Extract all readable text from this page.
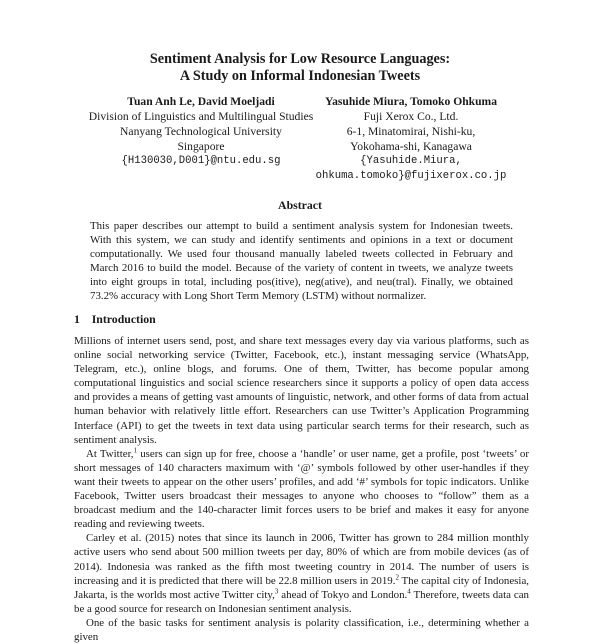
Sentiment Analysis for Low Resource Languages:
A Study on Informal Indonesian Tweets
Tuan Anh Le, David Moeljadi
Division of Linguistics and Multilingual Studies
Nanyang Technological University
Singapore
{H130030,D001}@ntu.edu.sg
Yasuhide Miura, Tomoko Ohkuma
Fuji Xerox Co., Ltd.
6-1, Minatomirai, Nishi-ku,
Yokohama-shi, Kanagawa
{Yasuhide.Miura,
ohkuma.tomoko}@fujixerox.co.jp
Abstract
This paper describes our attempt to build a sentiment analysis system for Indonesian tweets. With this system, we can study and identify sentiments and opinions in a text or document computationally. We used four thousand manually labeled tweets collected in February and March 2016 to build the model. Because of the variety of content in tweets, we analyze tweets into eight groups in total, including pos(itive), neg(ative), and neu(tral). Finally, we obtained 73.2% accuracy with Long Short Term Memory (LSTM) without normalizer.
1 Introduction

Millions of internet users send, post, and share text messages every day via various platforms, such as online social networking service (Twitter, Facebook, etc.), instant messaging service (WhatsApp, Telegram, etc.), online blogs, and forums. One of them, Twitter, has become popular among computational linguistics and social science researchers since it supports a policy of open data access and provides a means of getting vast amounts of linguistic, network, and other forms of data from actual human behavior with relatively little effort. Researchers can use Twitter’s Application Programming Interface (API) to get the tweets in text data using particular search terms for their research, such as sentiment analysis.

At Twitter,$^1$ users can sign up for free, choose a ‘handle’ or user name, get a profile, post ‘tweets’ or short messages of 140 characters maximum with ‘@’ symbols followed by other user-handles if they want their tweets to appear on the other users’ profiles, and add ‘#’ symbols for topic indicators. Unlike Facebook, Twitter users broadcast their messages to anyone who chooses to “follow” them as a broadcast medium and the 140-character limit forces users to be brief and makes it easy for anyone reading and reviewing tweets.

Carley et al. (2015) notes that since its launch in 2006, Twitter has grown to 284 million monthly active users who send about 500 million tweets per day, 80% of which are from mobile devices (as of 2014). Indonesia was ranked as the fifth most tweeting country in 2014. The number of users is increasing and it is predicted that there will be 22.8 million users in 2019.$^2$ The capital city of Indonesia, Jakarta, is the worlds most active Twitter city,$^3$ ahead of Tokyo and London.$^4$ Therefore, tweets data can be a good source for research on Indonesian sentiment analysis.

One of the basic tasks for sentiment analysis is polarity classification, i.e., determining whether a given
